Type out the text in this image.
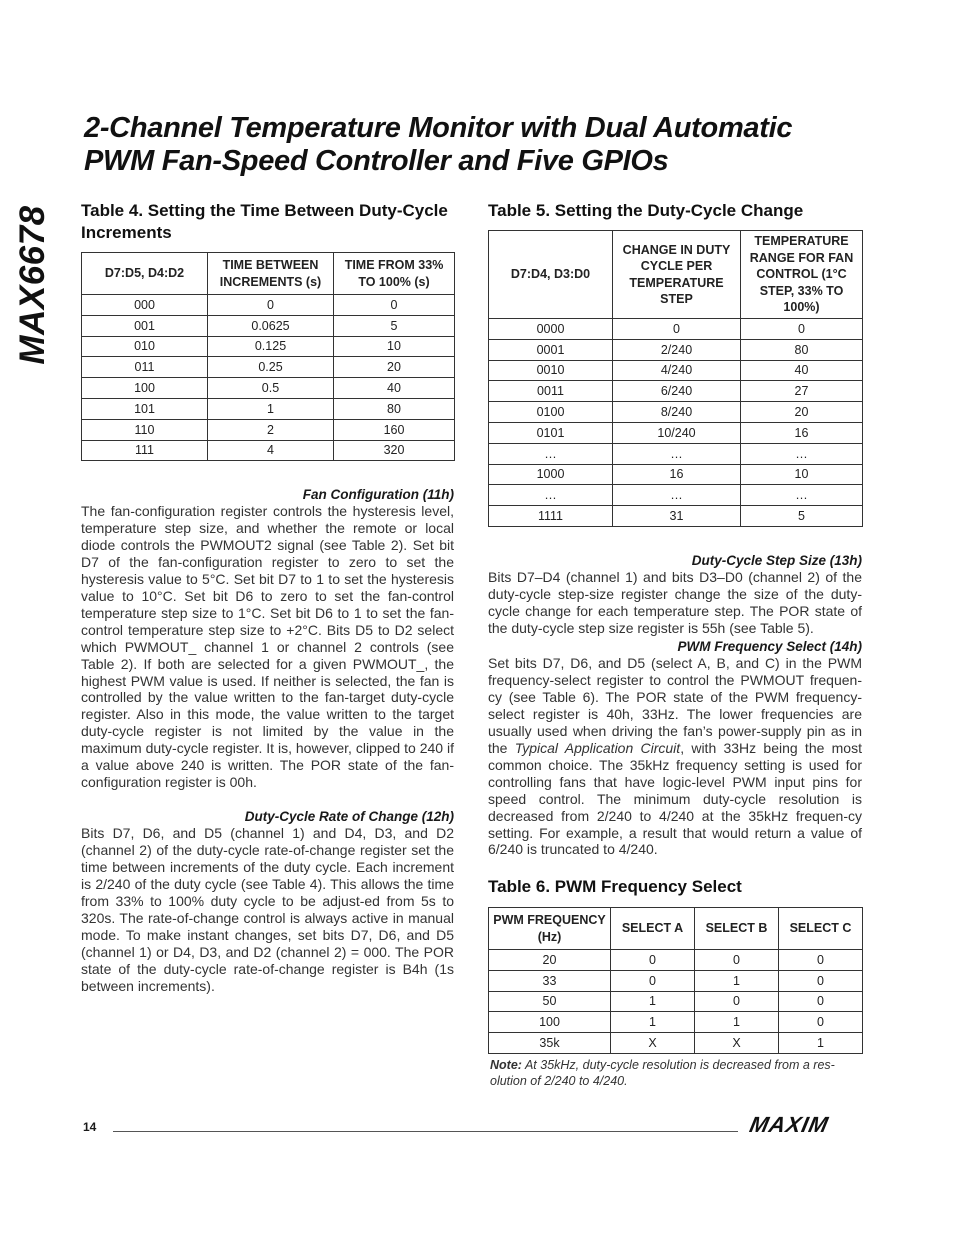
MAX6678
2-Channel Temperature Monitor with Dual Automatic
PWM Fan-Speed Controller and Five GPIOs
Table 4. Setting the Time Between Duty-Cycle Increments
D7:D5, D4:D2	TIME BETWEEN INCREMENTS (s)	TIME FROM 33% TO 100% (s)
000	0	0
001	0.0625	5
010	0.125	10
011	0.25	20
100	0.5	40
101	1	80
110	2	160
111	4	320
Fan Configuration (11h)
The fan-configuration register controls the hysteresis level, temperature step size, and whether the remote or local diode controls the PWMOUT2 signal (see Table 2). Set bit D7 of the fan-configuration register to zero to set the hysteresis value to 5°C. Set bit D7 to 1 to set the hysteresis value to 10°C. Set bit D6 to zero to set the fan-control temperature step size to 1°C. Set bit D6 to 1 to set the fan-control temperature step size to +2°C. Bits D5 to D2 select which PWMOUT_ channel 1 or channel 2 controls (see Table 2). If both are selected for a given PWMOUT_, the highest PWM value is used. If neither is selected, the fan is controlled by the value written to the fan-target duty-cycle register. Also in this mode, the value written to the target duty-cycle register is not limited by the value in the maximum duty-cycle register. It is, however, clipped to 240 if a value above 240 is written. The POR state of the fan-configuration register is 00h.
Duty-Cycle Rate of Change (12h)
Bits D7, D6, and D5 (channel 1) and D4, D3, and D2 (channel 2) of the duty-cycle rate-of-change register set the time between increments of the duty cycle. Each increment is 2/240 of the duty cycle (see Table 4). This allows the time from 33% to 100% duty cycle to be adjust-ed from 5s to 320s. The rate-of-change control is always active in manual mode. To make instant changes, set bits D7, D6, and D5 (channel 1) or D4, D3, and D2 (channel 2) = 000. The POR state of the duty-cycle rate-of-change register is B4h (1s between increments).
Table 5. Setting the Duty-Cycle Change
D7:D4, D3:D0	CHANGE IN DUTY CYCLE PER TEMPERATURE STEP	TEMPERATURE RANGE FOR FAN CONTROL (1°C STEP, 33% TO 100%)
0000	0	0
0001	2/240	80
0010	4/240	40
0011	6/240	27
0100	8/240	20
0101	10/240	16
…	…	…
1000	16	10
…	…	…
1111	31	5
Duty-Cycle Step Size (13h)
Bits D7–D4 (channel 1) and bits D3–D0 (channel 2) of the duty-cycle step-size register change the size of the duty-cycle change for each temperature step. The POR state of the duty-cycle step size register is 55h (see Table 5).
PWM Frequency Select (14h)
Set bits D7, D6, and D5 (select A, B, and C) in the PWM frequency-select register to control the PWMOUT frequen-cy (see Table 6). The POR state of the PWM frequency-select register is 40h, 33Hz. The lower frequencies are usually used when driving the fan’s power-supply pin as in the Typical Application Circuit, with 33Hz being the most common choice. The 35kHz frequency setting is used for controlling fans that have logic-level PWM input pins for speed control. The minimum duty-cycle resolution is decreased from 2/240 to 4/240 at the 35kHz frequen-cy setting. For example, a result that would return a value of 6/240 is truncated to 4/240.
Table 6. PWM Frequency Select
PWM FREQUENCY (Hz)	SELECT A	SELECT B	SELECT C
20	0	0	0
33	0	1	0
50	1	0	0
100	1	1	0
35k	X	X	1
Note: At 35kHz, duty-cycle resolution is decreased from a res-olution of 2/240 to 4/240.
14	MAXIM
